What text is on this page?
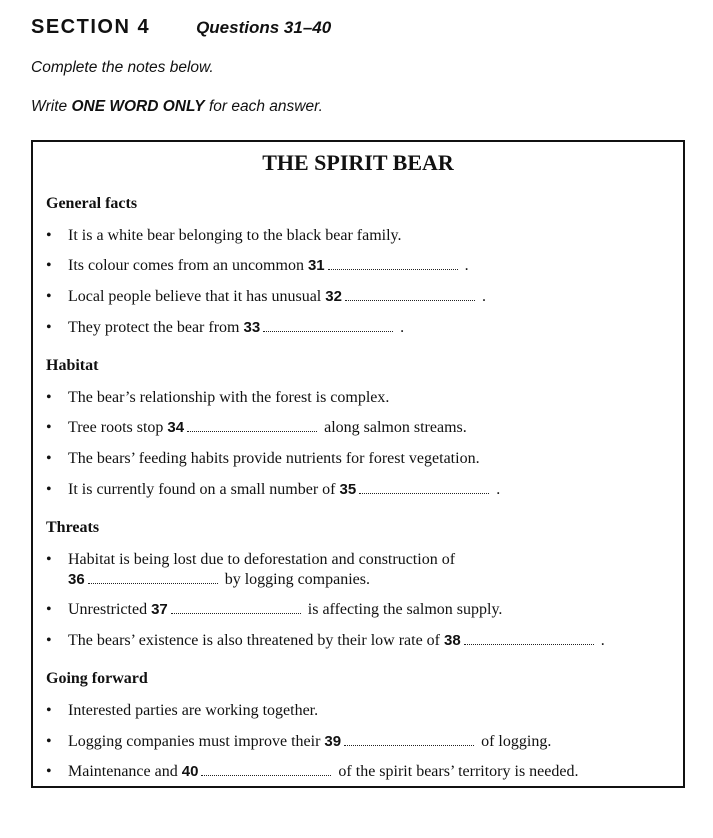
SECTION 4	Questions 31–40
Complete the notes below.
Write ONE WORD ONLY for each answer.
THE SPIRIT BEAR
General facts
• It is a white bear belonging to the black bear family.
• Its colour comes from an uncommon 31	.
• Local people believe that it has unusual 32	.
• They protect the bear from 33	.
Habitat
• The bear’s relationship with the forest is complex.
• Tree roots stop 34	along salmon streams.
• The bears’ feeding habits provide nutrients for forest vegetation.
• It is currently found on a small number of 35	.
Threats
• Habitat is being lost due to deforestation and construction of
36	by logging companies.
• Unrestricted 37	is affecting the salmon supply.
• The bears’ existence is also threatened by their low rate of 38	.
Going forward
• Interested parties are working together.
• Logging companies must improve their 39	of logging.
• Maintenance and 40	of the spirit bears’ territory is needed.
